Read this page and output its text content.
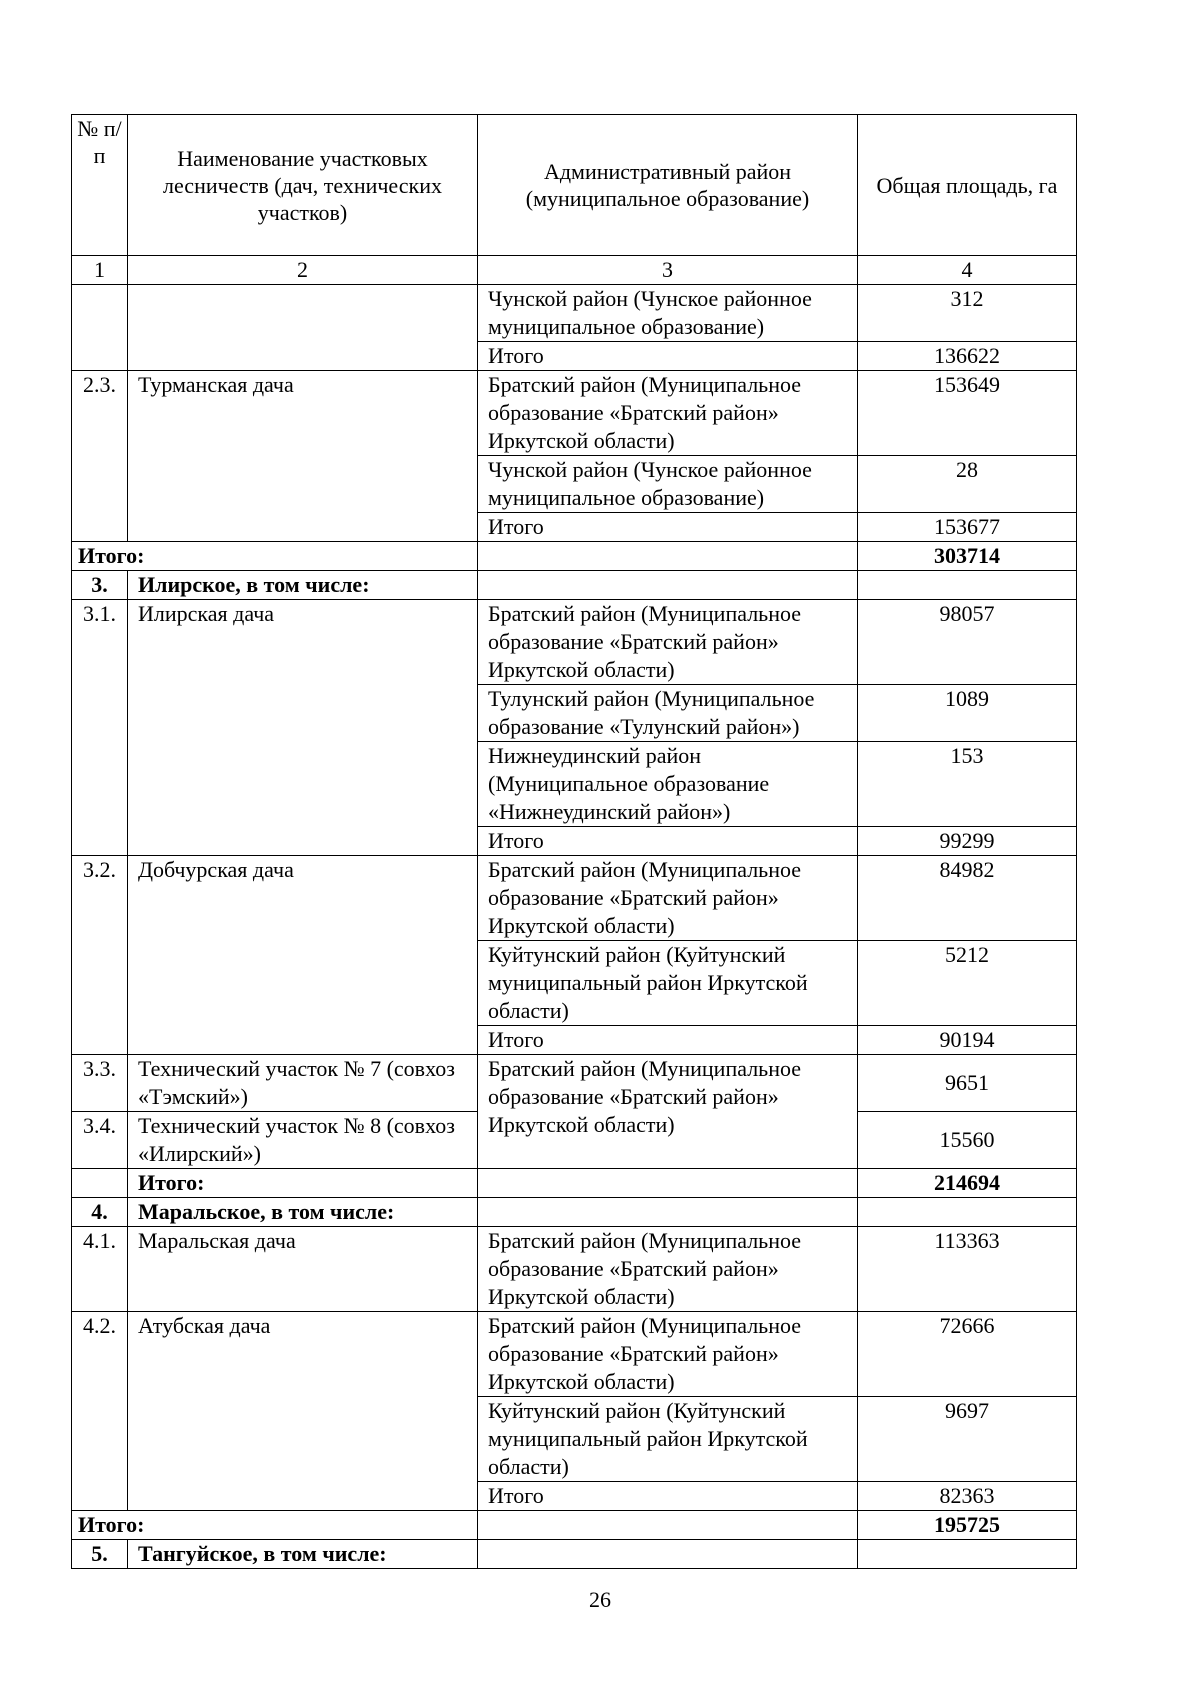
№ п/п	Наименование участковых лесничеств (дач, технических участков)	Административный район (муниципальное образование)	Общая площадь, га
1	2	3	4
		Чунской район (Чунское районное муниципальное образование)	312
		Итого	136622
2.3.	Турманская дача	Братский район (Муниципальное образование «Братский район» Иркутской области)	153649
		Чунской район (Чунское районное муниципальное образование)	28
		Итого	153677
Итого:			303714
3.	Илирское, в том числе:		
3.1.	Илирская дача	Братский район (Муниципальное образование «Братский район» Иркутской области)	98057
		Тулунский район (Муниципальное образование «Тулунский район»)	1089
		Нижнеудинский район (Муниципальное образование «Нижнеудинский район»)	153
		Итого	99299
3.2.	Добчурская дача	Братский район (Муниципальное образование «Братский район» Иркутской области)	84982
		Куйтунский район (Куйтунский муниципальный район Иркутской области)	5212
		Итого	90194
3.3.	Технический участок № 7 (совхоз «Тэмский»)	Братский район (Муниципальное образование «Братский район» Иркутской области)	9651
3.4.	Технический участок № 8 (совхоз «Илирский»)		15560
	Итого:		214694
4.	Маральское, в том числе:		
4.1.	Маральская дача	Братский район (Муниципальное образование «Братский район» Иркутской области)	113363
4.2.	Атубская дача	Братский район (Муниципальное образование «Братский район» Иркутской области)	72666
		Куйтунский район (Куйтунский муниципальный район Иркутской области)	9697
		Итого	82363
Итого:			195725
5.	Тангуйское, в том числе:		
26
